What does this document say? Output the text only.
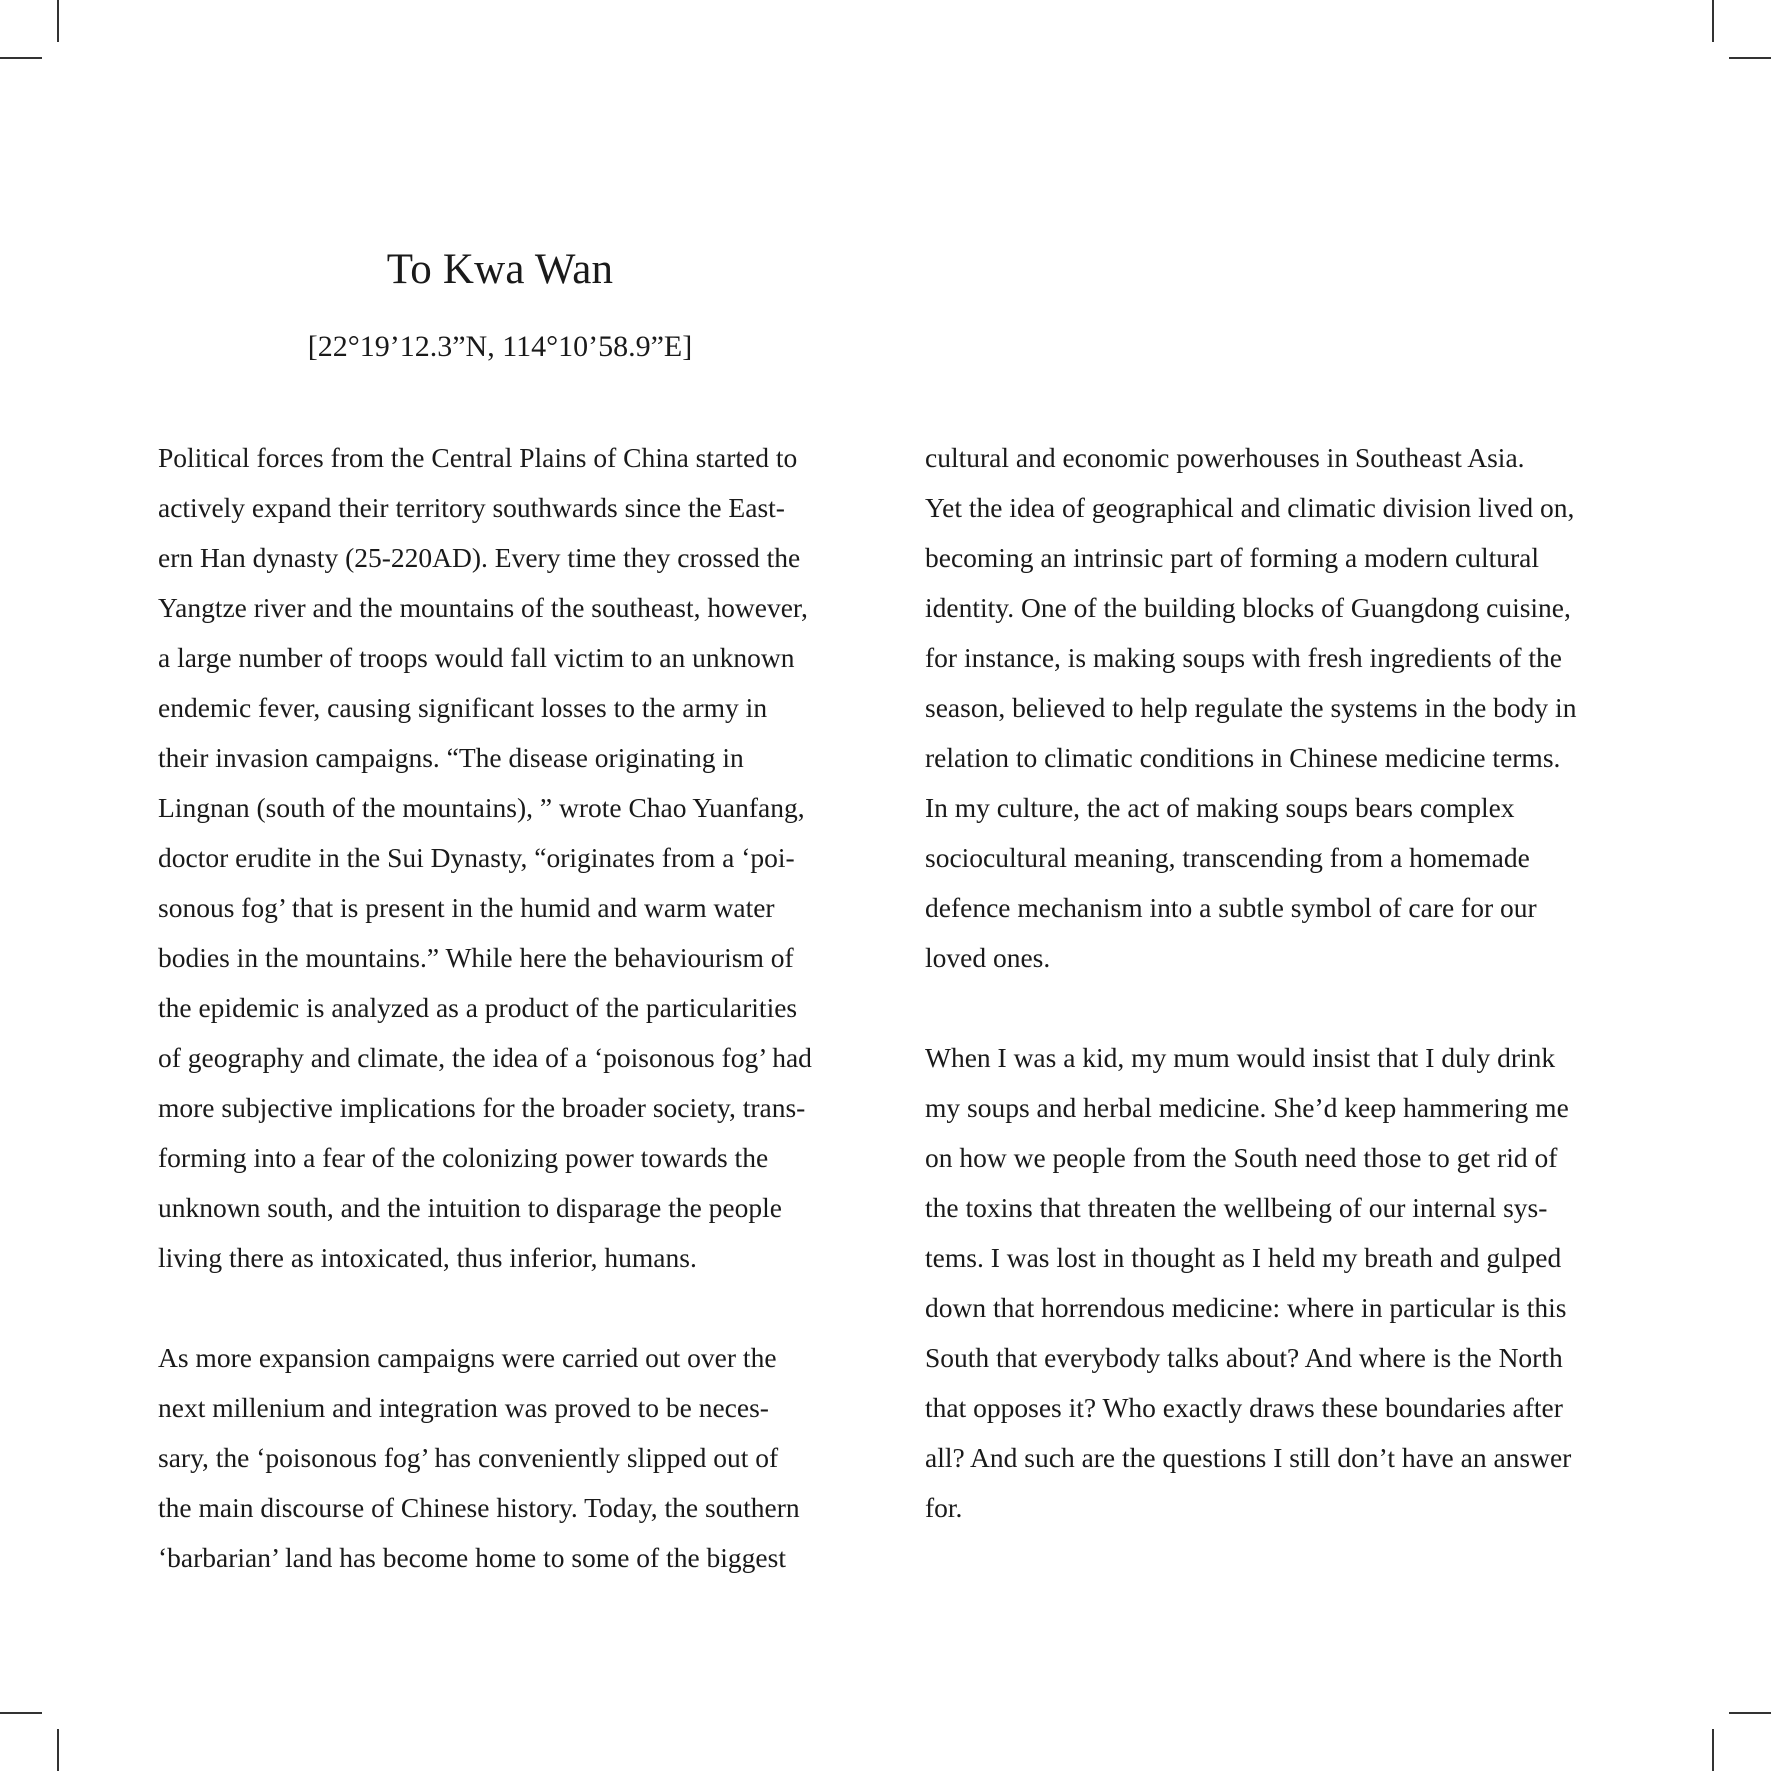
To Kwa Wan
[22°19’12.3”N, 114°10’58.9”E]
Political forces from the Central Plains of China started to
actively expand their territory southwards since the East-
ern Han dynasty (25-220AD). Every time they crossed the
Yangtze river and the mountains of the southeast, however,
a large number of troops would fall victim to an unknown
endemic fever, causing significant losses to the army in
their invasion campaigns. “The disease originating in
Lingnan (south of the mountains), ” wrote Chao Yuanfang,
doctor erudite in the Sui Dynasty, “originates from a ‘poi-
sonous fog’ that is present in the humid and warm water
bodies in the mountains.” While here the behaviourism of
the epidemic is analyzed as a product of the particularities
of geography and climate, the idea of a ‘poisonous fog’ had
more subjective implications for the broader society, trans-
forming into a fear of the colonizing power towards the
unknown south, and the intuition to disparage the people
living there as intoxicated, thus inferior, humans.
As more expansion campaigns were carried out over the
next millenium and integration was proved to be neces-
sary, the ‘poisonous fog’ has conveniently slipped out of
the main discourse of Chinese history. Today, the southern
‘barbarian’ land has become home to some of the biggest
cultural and economic powerhouses in Southeast Asia.
Yet the idea of geographical and climatic division lived on,
becoming an intrinsic part of forming a modern cultural
identity. One of the building blocks of Guangdong cuisine,
for instance, is making soups with fresh ingredients of the
season, believed to help regulate the systems in the body in
relation to climatic conditions in Chinese medicine terms.
In my culture, the act of making soups bears complex
sociocultural meaning, transcending from a homemade
defence mechanism into a subtle symbol of care for our
loved ones.
When I was a kid, my mum would insist that I duly drink
my soups and herbal medicine. She’d keep hammering me
on how we people from the South need those to get rid of
the toxins that threaten the wellbeing of our internal sys-
tems. I was lost in thought as I held my breath and gulped
down that horrendous medicine: where in particular is this
South that everybody talks about? And where is the North
that opposes it? Who exactly draws these boundaries after
all? And such are the questions I still don’t have an answer
for.
